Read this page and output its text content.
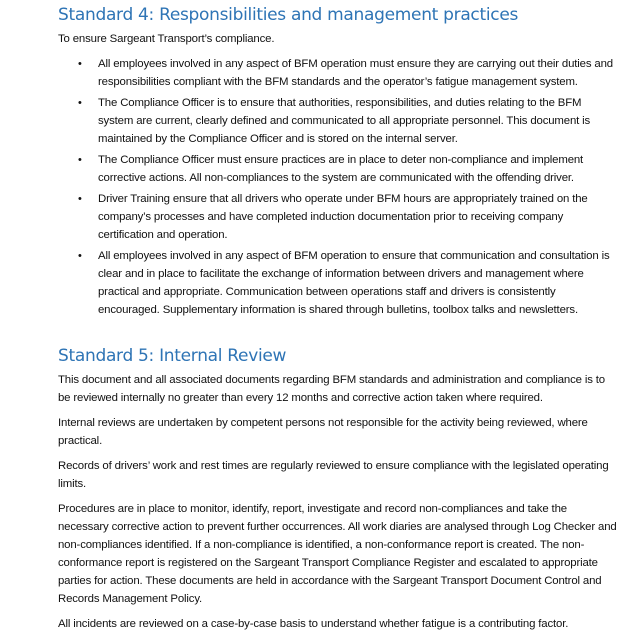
Standard 4: Responsibilities and management practices

To ensure Sargeant Transport’s compliance.

• All employees involved in any aspect of BFM operation must ensure they are carrying out their duties and responsibilities compliant with the BFM standards and the operator’s fatigue management system.
• The Compliance Officer is to ensure that authorities, responsibilities, and duties relating to the BFM system are current, clearly defined and communicated to all appropriate personnel. This document is maintained by the Compliance Officer and is stored on the internal server.
• The Compliance Officer must ensure practices are in place to deter non-compliance and implement corrective actions. All non-compliances to the system are communicated with the offending driver.
• Driver Training ensure that all drivers who operate under BFM hours are appropriately trained on the company’s processes and have completed induction documentation prior to receiving company certification and operation.
• All employees involved in any aspect of BFM operation to ensure that communication and consultation is clear and in place to facilitate the exchange of information between drivers and management where practical and appropriate. Communication between operations staff and drivers is consistently encouraged. Supplementary information is shared through bulletins, toolbox talks and newsletters.
Standard 5: Internal Review

This document and all associated documents regarding BFM standards and administration and compliance is to be reviewed internally no greater than every 12 months and corrective action taken where required.

Internal reviews are undertaken by competent persons not responsible for the activity being reviewed, where practical.

Records of drivers’ work and rest times are regularly reviewed to ensure compliance with the legislated operating limits.

Procedures are in place to monitor, identify, report, investigate and record non-compliances and take the necessary corrective action to prevent further occurrences. All work diaries are analysed through Log Checker and non-compliances identified. If a non-compliance is identified, a non-conformance report is created. The non-conformance report is registered on the Sargeant Transport Compliance Register and escalated to appropriate parties for action. These documents are held in accordance with the Sargeant Transport Document Control and Records Management Policy.

All incidents are reviewed on a case-by-case basis to understand whether fatigue is a contributing factor.
